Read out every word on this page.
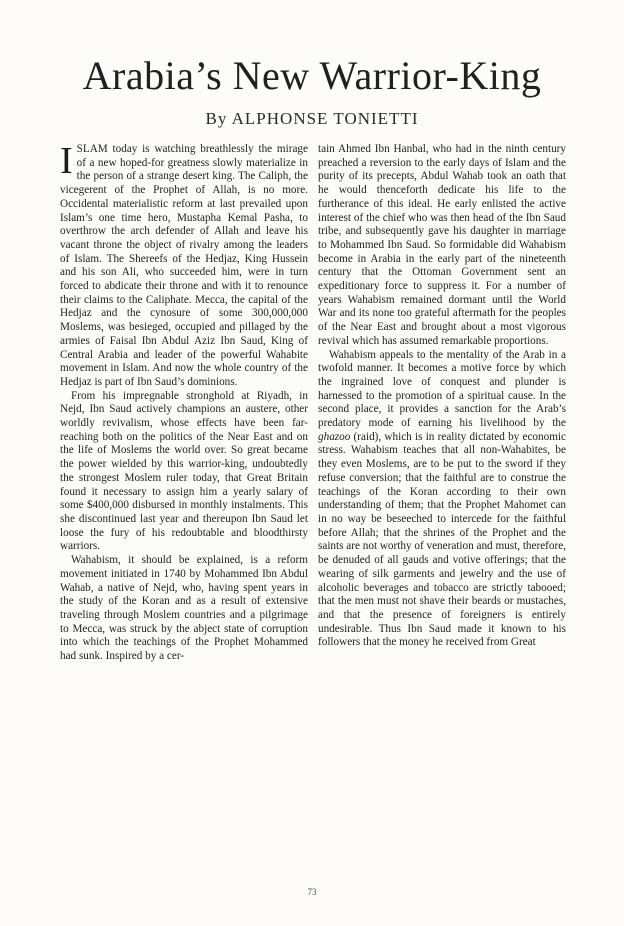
Arabia’s New Warrior-King
By ALPHONSE TONIETTI

ISLAM today is watching breathlessly the mirage of a new hoped-for greatness slowly materialize in the person of a strange desert king. The Caliph, the vicegerent of the Prophet of Allah, is no more. Occidental materialistic reform at last prevailed upon Islam’s one time hero, Mustapha Kemal Pasha, to overthrow the arch defender of Allah and leave his vacant throne the object of rivalry among the leaders of Islam. The Shereefs of the Hedjaz, King Hussein and his son Ali, who succeeded him, were in turn forced to abdicate their throne and with it to renounce their claims to the Caliphate. Mecca, the capital of the Hedjaz and the cynosure of some 300,000,000 Moslems, was besieged, occupied and pillaged by the armies of Faisal Ibn Abdul Aziz Ibn Saud, King of Central Arabia and leader of the powerful Wahabite movement in Islam. And now the whole country of the Hedjaz is part of Ibn Saud’s dominions.

From his impregnable stronghold at Riyadh, in Nejd, Ibn Saud actively champions an austere, other worldly revivalism, whose effects have been far-reaching both on the politics of the Near East and on the life of Moslems the world over. So great became the power wielded by this warrior-king, undoubtedly the strongest Moslem ruler today, that Great Britain found it necessary to assign him a yearly salary of some $400,000 disbursed in monthly instalments. This she discontinued last year and thereupon Ibn Saud let loose the fury of his redoubtable and bloodthirsty warriors.

Wahabism, it should be explained, is a reform movement initiated in 1740 by Mohammed Ibn Abdul Wahab, a native of Nejd, who, having spent years in the study of the Koran and as a result of extensive traveling through Moslem countries and a pilgrimage to Mecca, was struck by the abject state of corruption into which the teachings of the Prophet Mohammed had sunk. Inspired by a cer-

tain Ahmed Ibn Hanbal, who had in the ninth century preached a reversion to the early days of Islam and the purity of its precepts, Abdul Wahab took an oath that he would thenceforth dedicate his life to the furtherance of this ideal. He early enlisted the active interest of the chief who was then head of the Ibn Saud tribe, and subsequently gave his daughter in marriage to Mohammed Ibn Saud. So formidable did Wahabism become in Arabia in the early part of the nineteenth century that the Ottoman Government sent an expeditionary force to suppress it. For a number of years Wahabism remained dormant until the World War and its none too grateful aftermath for the peoples of the Near East and brought about a most vigorous revival which has assumed remarkable proportions.

Wahabism appeals to the mentality of the Arab in a twofold manner. It becomes a motive force by which the ingrained love of conquest and plunder is harnessed to the promotion of a spiritual cause. In the second place, it provides a sanction for the Arab’s predatory mode of earning his livelihood by the ghazoo (raid), which is in reality dictated by economic stress. Wahabism teaches that all non-Wahabites, be they even Moslems, are to be put to the sword if they refuse conversion; that the faithful are to construe the teachings of the Koran according to their own understanding of them; that the Prophet Mahomet can in no way be beseeched to intercede for the faithful before Allah; that the shrines of the Prophet and the saints are not worthy of veneration and must, therefore, be denuded of all gauds and votive offerings; that the wearing of silk garments and jewelry and the use of alcoholic beverages and tobacco are strictly tabooed; that the men must not shave their beards or mustaches, and that the presence of foreigners is entirely undesirable. Thus Ibn Saud made it known to his followers that the money he received from Great

73
